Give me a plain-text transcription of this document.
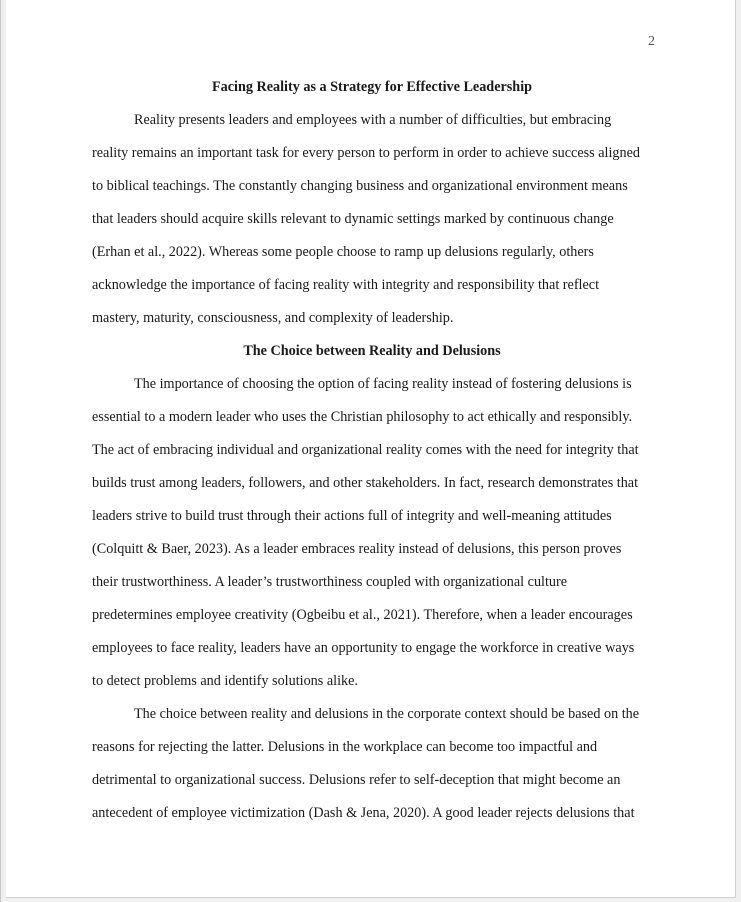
2

Facing Reality as a Strategy for Effective Leadership

Reality presents leaders and employees with a number of difficulties, but embracing
reality remains an important task for every person to perform in order to achieve success aligned
to biblical teachings. The constantly changing business and organizational environment means
that leaders should acquire skills relevant to dynamic settings marked by continuous change
(Erhan et al., 2022). Whereas some people choose to ramp up delusions regularly, others
acknowledge the importance of facing reality with integrity and responsibility that reflect
mastery, maturity, consciousness, and complexity of leadership.

The Choice between Reality and Delusions

The importance of choosing the option of facing reality instead of fostering delusions is
essential to a modern leader who uses the Christian philosophy to act ethically and responsibly.
The act of embracing individual and organizational reality comes with the need for integrity that
builds trust among leaders, followers, and other stakeholders. In fact, research demonstrates that
leaders strive to build trust through their actions full of integrity and well-meaning attitudes
(Colquitt & Baer, 2023). As a leader embraces reality instead of delusions, this person proves
their trustworthiness. A leader’s trustworthiness coupled with organizational culture
predetermines employee creativity (Ogbeibu et al., 2021). Therefore, when a leader encourages
employees to face reality, leaders have an opportunity to engage the workforce in creative ways
to detect problems and identify solutions alike.

The choice between reality and delusions in the corporate context should be based on the
reasons for rejecting the latter. Delusions in the workplace can become too impactful and
detrimental to organizational success. Delusions refer to self-deception that might become an
antecedent of employee victimization (Dash & Jena, 2020). A good leader rejects delusions that
